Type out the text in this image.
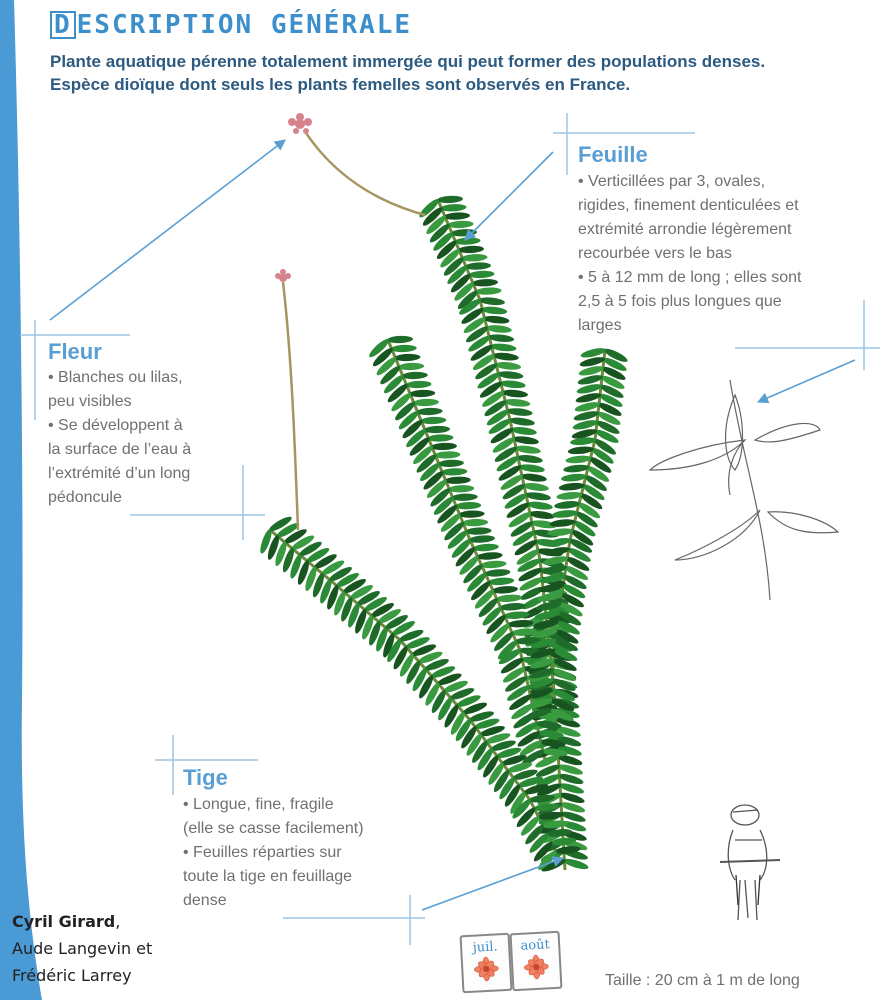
D ESCRIPTION GÉNÉRALE
Plante aquatique pérenne totalement immergée qui peut former des populations denses.
Espèce dioïque dont seuls les plants femelles sont observés en France.
Feuille
• Verticillées par 3, ovales,
rigides, finement denticulées et
extrémité arrondie légèrement
recourbée vers le bas
• 5 à 12 mm de long ; elles sont
2,5 à 5 fois plus longues que
larges
Fleur
• Blanches ou lilas,
peu visibles
• Se développent à
la surface de l’eau à
l’extrémité d’un long
pédoncule
Tige
• Longue, fine, fragile
(elle se casse facilement)
• Feuilles réparties sur
toute la tige en feuillage
dense
Cyril Girard,
Aude Langevin et
Frédéric Larrey
juil.	août
Taille : 20 cm à 1 m de long
